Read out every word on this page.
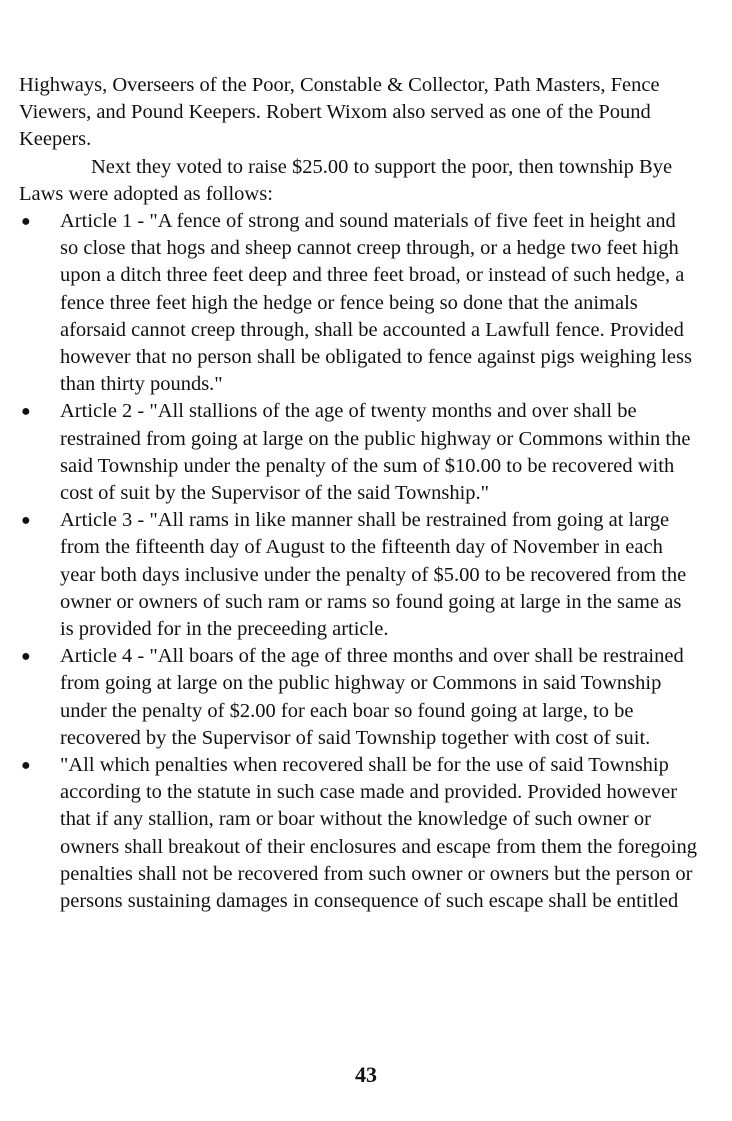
Highways, Overseers of the Poor, Constable & Collector, Path Masters, Fence Viewers, and Pound Keepers. Robert Wixom also served as one of the Pound Keepers.

Next they voted to raise $25.00 to support the poor, then township Bye Laws were adopted as follows:

● Article 1 - "A fence of strong and sound materials of five feet in height and so close that hogs and sheep cannot creep through, or a hedge two feet high upon a ditch three feet deep and three feet broad, or instead of such hedge, a fence three feet high the hedge or fence being so done that the animals aforsaid cannot creep through, shall be accounted a Lawfull fence. Provided however that no person shall be obligated to fence against pigs weighing less than thirty pounds."
● Article 2 - "All stallions of the age of twenty months and over shall be restrained from going at large on the public highway or Commons within the said Township under the penalty of the sum of $10.00 to be recovered with cost of suit by the Supervisor of the said Township."
● Article 3 - "All rams in like manner shall be restrained from going at large from the fifteenth day of August to the fifteenth day of November in each year both days inclusive under the penalty of $5.00 to be recovered from the owner or owners of such ram or rams so found going at large in the same as is provided for in the preceeding article.
● Article 4 - "All boars of the age of three months and over shall be restrained from going at large on the public highway or Commons in said Township under the penalty of $2.00 for each boar so found going at large, to be recovered by the Supervisor of said Township together with cost of suit.
● "All which penalties when recovered shall be for the use of said Township according to the statute in such case made and provided. Provided however that if any stallion, ram or boar without the knowledge of such owner or owners shall breakout of their enclosures and escape from them the foregoing penalties shall not be recovered from such owner or owners but the person or persons sustaining damages in consequence of such escape shall be entitled
43
